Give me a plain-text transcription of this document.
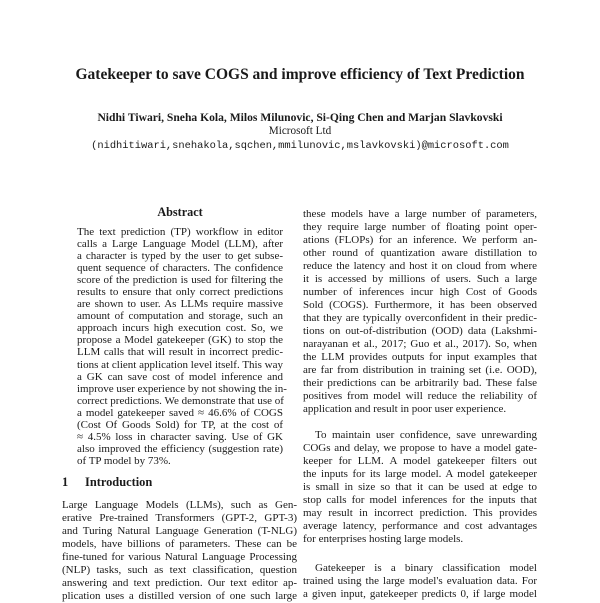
Gatekeeper to save COGS and improve efficiency of Text Prediction
Nidhi Tiwari, Sneha Kola, Milos Milunovic, Si-Qing Chen and Marjan Slavkovski
Microsoft Ltd
(nidhitiwari,snehakola,sqchen,mmilunovic,mslavkovski)@microsoft.com
Abstract
The text prediction (TP) workflow in editor
calls a Large Language Model (LLM), after
a character is typed by the user to get subse-
quent sequence of characters. The confidence
score of the prediction is used for filtering the
results to ensure that only correct predictions
are shown to user. As LLMs require massive
amount of computation and storage, such an
approach incurs high execution cost. So, we
propose a Model gatekeeper (GK) to stop the
LLM calls that will result in incorrect predic-
tions at client application level itself. This way
a GK can save cost of model inference and
improve user experience by not showing the in-
correct predictions. We demonstrate that use of
a model gatekeeper saved ≈ 46.6% of COGS
(Cost Of Goods Sold) for TP, at the cost of
≈ 4.5% loss in character saving. Use of GK
also improved the efficiency (suggestion rate)
of TP model by 73%.
1 Introduction
Large Language Models (LLMs), such as Gen-
erative Pre-trained Transformers (GPT-2, GPT-3)
and Turing Natural Language Generation (T-NLG)
models, have billions of parameters. These can be
fine-tuned for various Natural Language Processing
(NLP) tasks, such as text classification, question
answering and text prediction. Our text editor ap-
plication uses a distilled version of one such large
these models have a large number of parameters,
they require large number of floating point oper-
ations (FLOPs) for an inference. We perform an-
other round of quantization aware distillation to
reduce the latency and host it on cloud from where
it is accessed by millions of users. Such a large
number of inferences incur high Cost of Goods
Sold (COGS). Furthermore, it has been observed
that they are typically overconfident in their predic-
tions on out-of-distribution (OOD) data (Lakshmi-
narayanan et al., 2017; Guo et al., 2017). So, when
the LLM provides outputs for input examples that
are far from distribution in training set (i.e. OOD),
their predictions can be arbitrarily bad. These false
positives from model will reduce the reliability of
application and result in poor user experience.
To maintain user confidence, save unrewarding
COGs and delay, we propose to have a model gate-
keeper for LLM. A model gatekeeper filters out
the inputs for its large model. A model gatekeeper
is small in size so that it can be used at edge to
stop calls for model inferences for the inputs that
may result in incorrect prediction. This provides
average latency, performance and cost advantages
for enterprises hosting large models.
Gatekeeper is a binary classification model
trained using the large model's evaluation data. For
a given input, gatekeeper predicts 0, if large model
